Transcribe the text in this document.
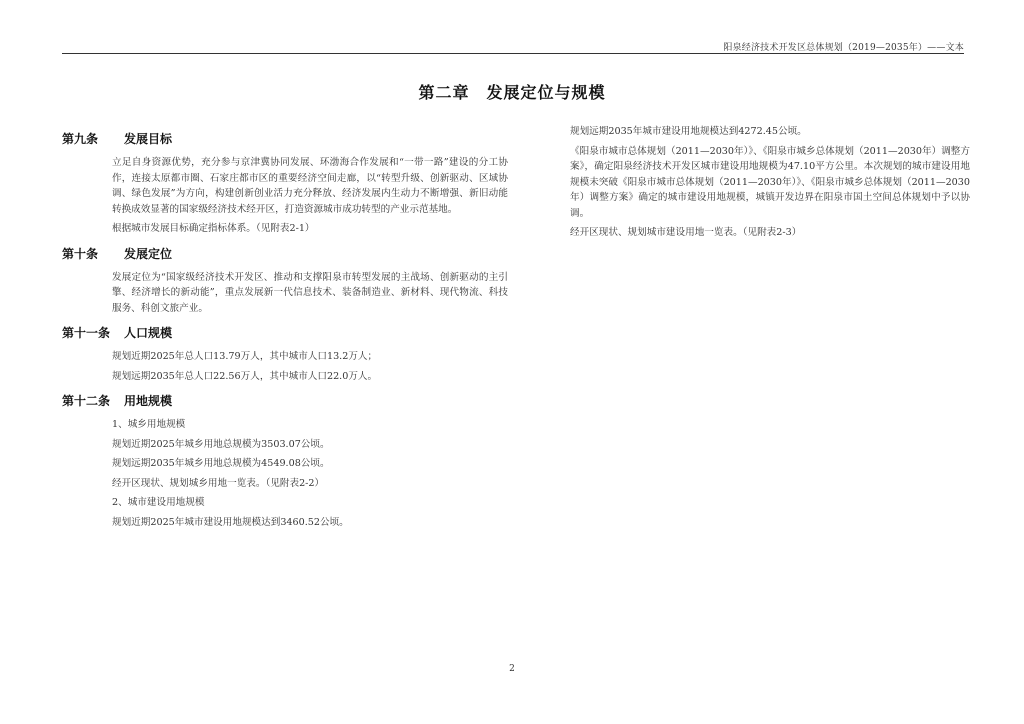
阳泉经济技术开发区总体规划（2019—2035年）——文本
第二章　发展定位与规模
第九条 发展目标

立足自身资源优势，充分参与京津冀协同发展、环渤海合作发展和“一带一路”建设的分工协作，连接太原都市圈、石家庄都市区的重要经济空间走廊，以“转型升级、创新驱动、区域协调、绿色发展”为方向，构建创新创业活力充分释放、经济发展内生动力不断增强、新旧动能转换成效显著的国家级经济技术经开区，打造资源城市成功转型的产业示范基地。

根据城市发展目标确定指标体系。（见附表2-1）

第十条 发展定位

发展定位为“国家级经济技术开发区、推动和支撑阳泉市转型发展的主战场、创新驱动的主引擎、经济增长的新动能”，重点发展新一代信息技术、装备制造业、新材料、现代物流、科技服务、科创文旅产业。

第十一条 人口规模

规划近期2025年总人口13.79万人，其中城市人口13.2万人；

规划远期2035年总人口22.56万人，其中城市人口22.0万人。

第十二条 用地规模

1、城乡用地规模

规划近期2025年城乡用地总规模为3503.07公顷。

规划远期2035年城乡用地总规模为4549.08公顷。

经开区现状、规划城乡用地一览表。（见附表2-2）

2、城市建设用地规模

规划近期2025年城市建设用地规模达到3460.52公顷。

规划远期2035年城市建设用地规模达到4272.45公顷。

《阳泉市城市总体规划（2011—2030年）》、《阳泉市城乡总体规划（2011—2030年）调整方案》，确定阳泉经济技术开发区城市建设用地规模为47.10平方公里。本次规划的城市建设用地规模未突破《阳泉市城市总体规划（2011—2030年）》、《阳泉市城乡总体规划（2011—2030年）调整方案》确定的城市建设用地规模，城镇开发边界在阳泉市国土空间总体规划中予以协调。

经开区现状、规划城市建设用地一览表。（见附表2-3）

2
